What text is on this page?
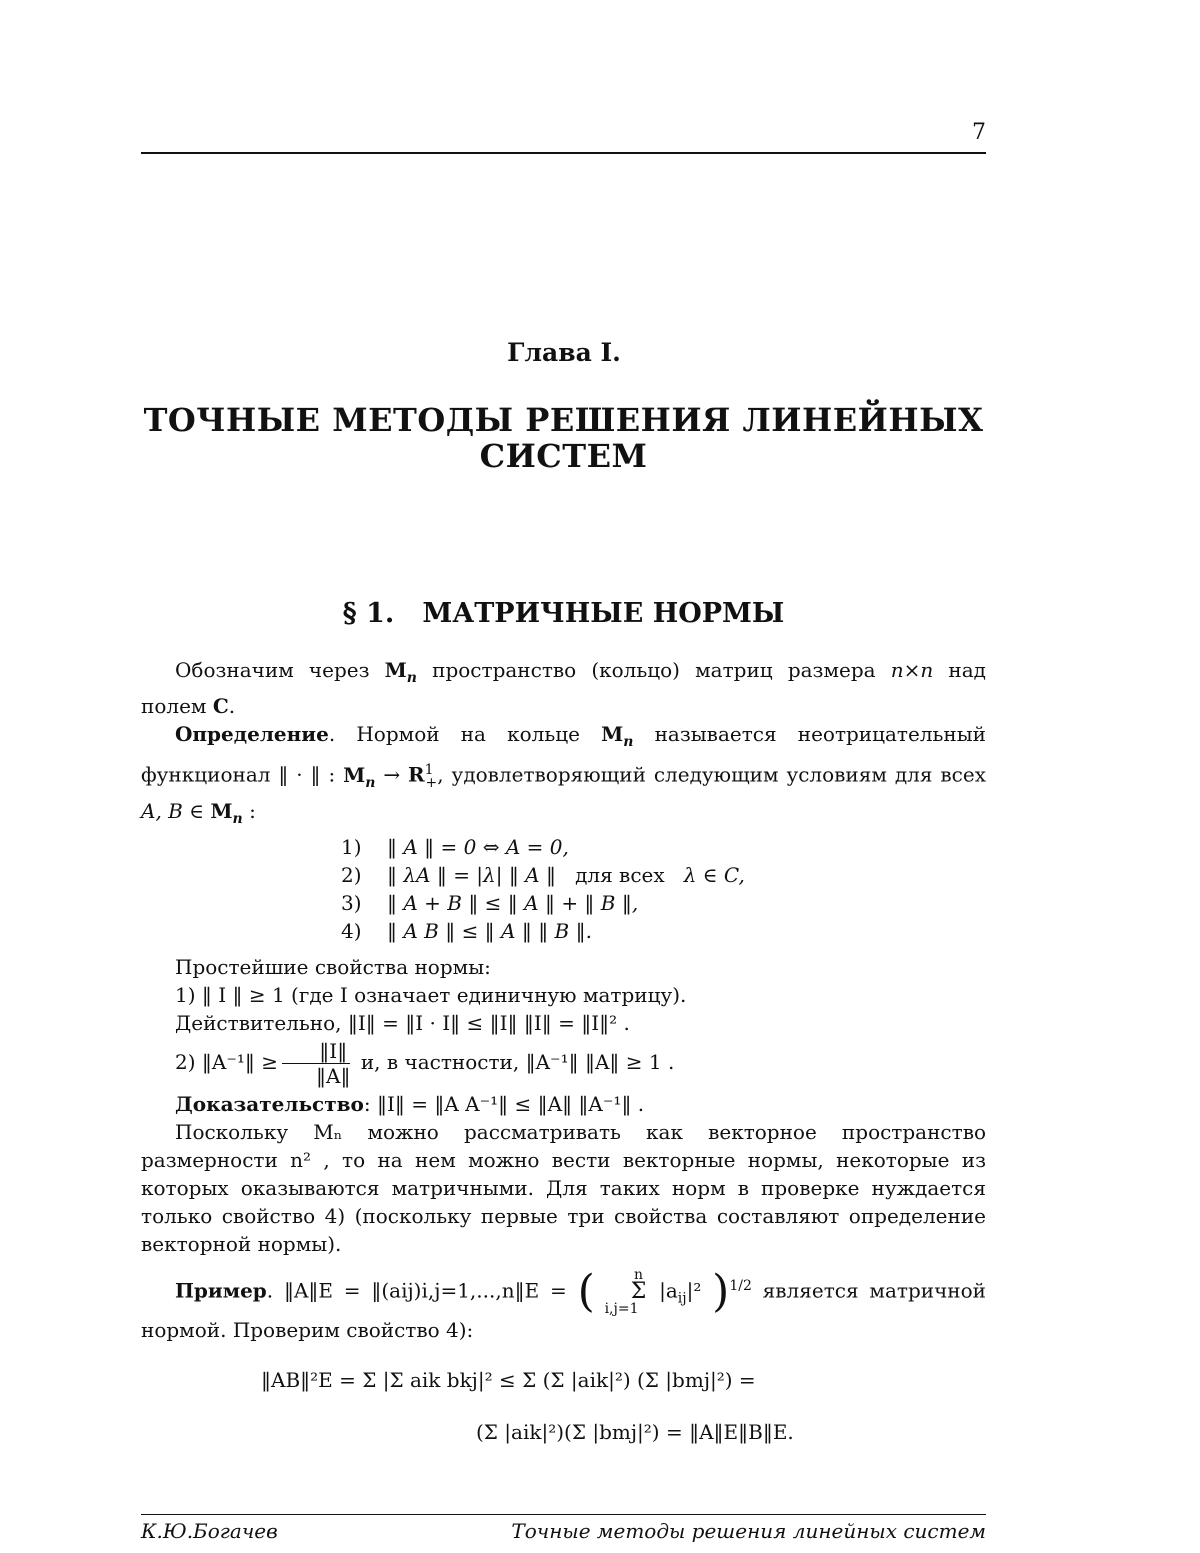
7
Глава I.
ТОЧНЫЕ МЕТОДЫ РЕШЕНИЯ ЛИНЕЙНЫХ
СИСТЕМ
§ 1. МАТРИЧНЫЕ НОРМЫ

Обозначим через $M_n$ пространство (кольцо) матриц размера n×n над полем C.

Определение. Нормой на кольце $M_n$ называется неотрицательный функционал ‖ · ‖ : $M_n \to R^1_+$, удовлетворяющий следующим условиям для всех A, B ∈ $M_n$ :

1) ‖ A ‖ = 0 ⇔ A = 0,
2) ‖ λA ‖ = |λ| ‖ A ‖ для всех λ ∈ C,
3) ‖ A + B ‖ ≤ ‖ A ‖ + ‖ B ‖,
4) ‖ A B ‖ ≤ ‖ A ‖ ‖ B ‖.

Простейшие свойства нормы:

1) ‖ I ‖ ≥ 1 (где I означает единичную матрицу).

Действительно, ‖I‖ = ‖I · I‖ ≤ ‖I‖ ‖I‖ = ‖I‖² .

2) ‖A⁻¹‖ ≥ $\frac{‖I‖}{‖A‖} и$, в частности, ‖A⁻¹‖ ‖A‖ ≥ 1 .

Доказательство: ‖I‖ = ‖A A⁻¹‖ ≤ ‖A‖ ‖A⁻¹‖ .

Поскольку Mₙ можно рассматривать как векторное пространство размерности n² , то на нем можно вести векторные нормы, некоторые из которых оказываются матричными. Для таких норм в проверке нуждается только свойство 4) (поскольку первые три свойства составляют определение векторной нормы).

Пример. ‖A‖E = ‖(aij)i,j=1,...,n‖E = (	n
Σ
i,j=1 $|a_{ij}|^2$ )$^{1/2}$ является матричной нормой. Проверим свойство 4):

‖AB‖²E = Σ |Σ aik bkj|² ≤ Σ (Σ |aik|²) (Σ |bmj|²) =
(Σ |aik|²)(Σ |bmj|²) = ‖A‖E‖B‖E.
К.Ю.Богачев	Точные методы решения линейных систем
